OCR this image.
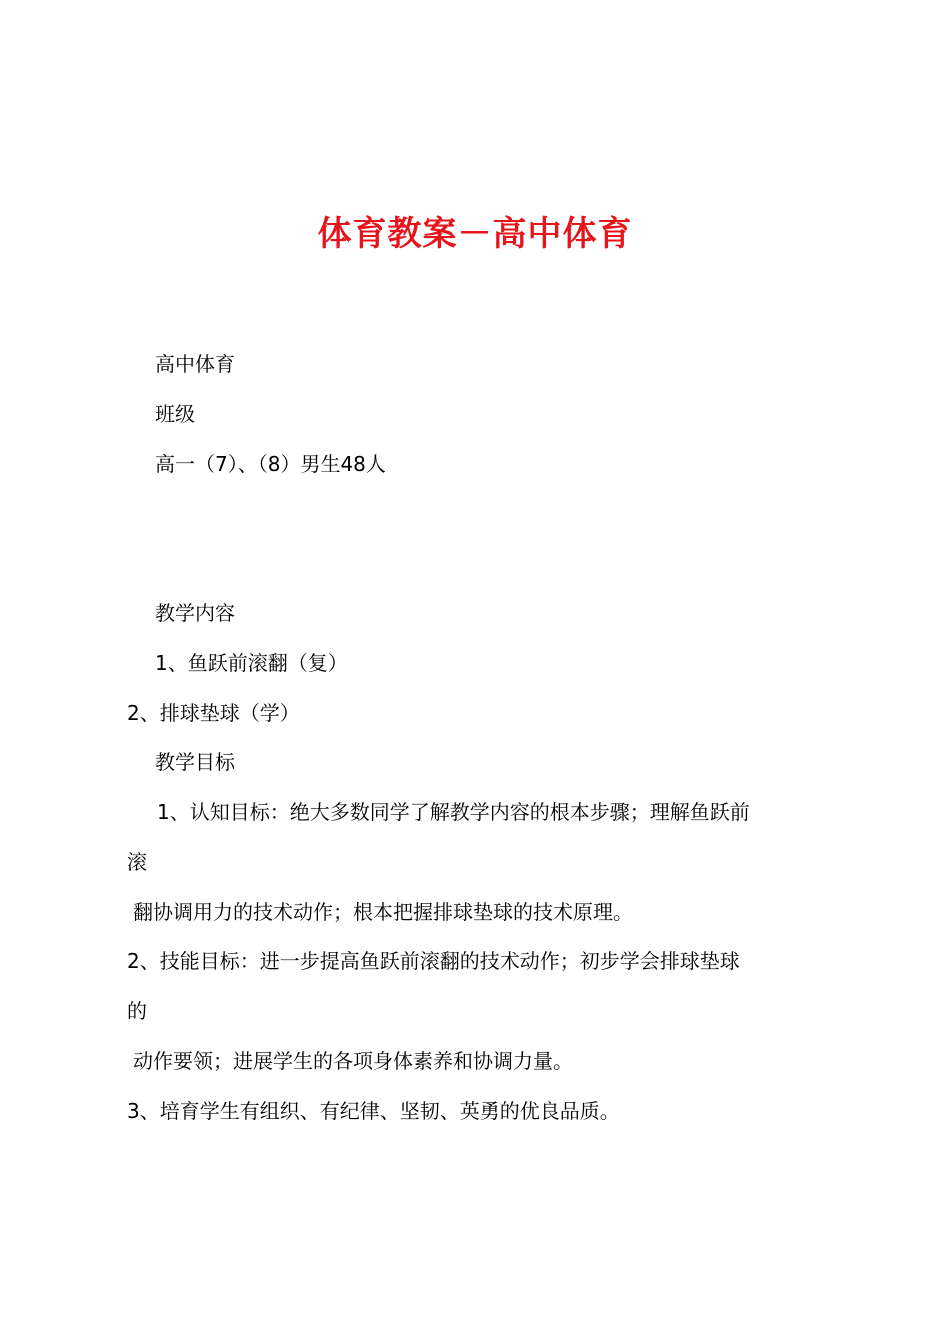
体育教案－高中体育
高中体育
班级
高一（7）、（8）男生48人
教学内容
1、鱼跃前滚翻（复）
2、排球垫球（学）
教学目标
1、认知目标：绝大多数同学了解教学内容的根本步骤；理解鱼跃前
滚
翻协调用力的技术动作；根本把握排球垫球的技术原理。
2、技能目标：进一步提高鱼跃前滚翻的技术动作；初步学会排球垫球
的
动作要领；进展学生的各项身体素养和协调力量。
3、培育学生有组织、有纪律、坚韧、英勇的优良品质。
